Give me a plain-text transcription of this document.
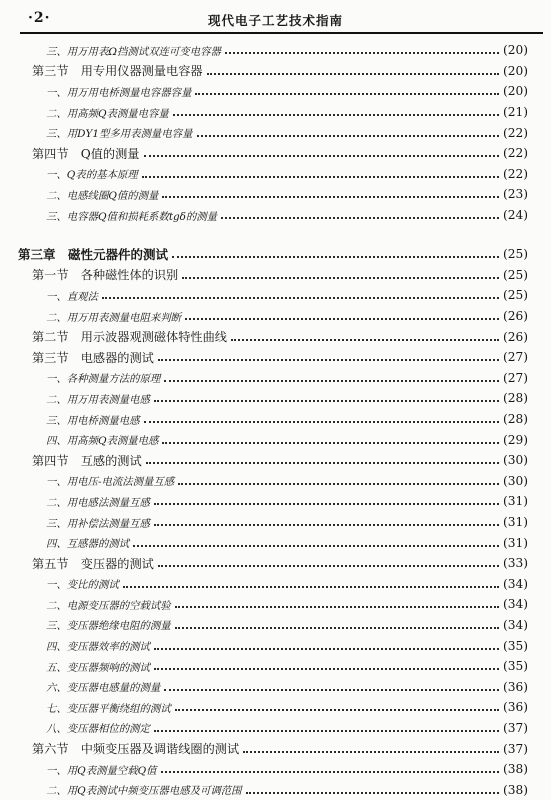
·2·	现代电子工艺技术指南
三、用万用表Ω挡测试双连可变电容器	(20)
第三节　用专用仪器测量电容器	(20)
一、用万用电桥测量电容器容量	(20)
二、用高频Q表测量电容量	(21)
三、用DY1型多用表测量电容量	(22)
第四节　Q值的测量	(22)
一、Q表的基本原理	(22)
二、电感线圈Q值的测量	(23)
三、电容器Q值和损耗系数tgδ的测量	(24)
第三章　磁性元器件的测试	(25)
第一节　各种磁性体的识别	(25)
一、直观法	(25)
二、用万用表测量电阻来判断	(26)
第二节　用示波器观测磁体特性曲线	(26)
第三节　电感器的测试	(27)
一、各种测量方法的原理	(27)
二、用万用表测量电感	(28)
三、用电桥测量电感	(28)
四、用高频Q表测量电感	(29)
第四节　互感的测试	(30)
一、用电压-电流法测量互感	(30)
二、用电感法测量互感	(31)
三、用补偿法测量互感	(31)
四、互感器的测试	(31)
第五节　变压器的测试	(33)
一、变比的测试	(34)
二、电源变压器的空载试验	(34)
三、变压器绝缘电阻的测量	(34)
四、变压器效率的测试	(35)
五、变压器频响的测试	(35)
六、变压器电感量的测量	(36)
七、变压器平衡绕组的测试	(36)
八、变压器相位的测定	(37)
第六节　中频变压器及调谐线圈的测试	(37)
一、用Q表测量空载Q值	(38)
二、用Q表测试中频变压器电感及可调范围	(38)
